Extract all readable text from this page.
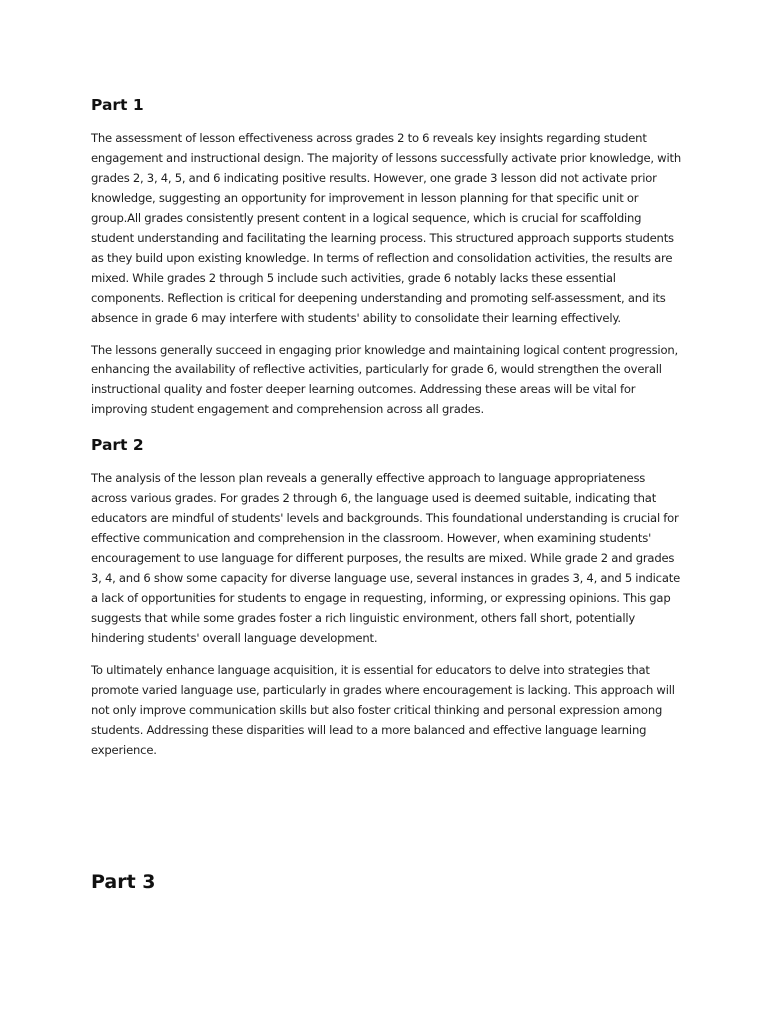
Part 1

The assessment of lesson effectiveness across grades 2 to 6 reveals key insights regarding student engagement and instructional design. The majority of lessons successfully activate prior knowledge, with grades 2, 3, 4, 5, and 6 indicating positive results. However, one grade 3 lesson did not activate prior knowledge, suggesting an opportunity for improvement in lesson planning for that specific unit or group.All grades consistently present content in a logical sequence, which is crucial for scaffolding student understanding and facilitating the learning process. This structured approach supports students as they build upon existing knowledge. In terms of reflection and consolidation activities, the results are mixed. While grades 2 through 5 include such activities, grade 6 notably lacks these essential components. Reflection is critical for deepening understanding and promoting self-assessment, and its absence in grade 6 may interfere with students' ability to consolidate their learning effectively.

The lessons generally succeed in engaging prior knowledge and maintaining logical content progression, enhancing the availability of reflective activities, particularly for grade 6, would strengthen the overall instructional quality and foster deeper learning outcomes. Addressing these areas will be vital for improving student engagement and comprehension across all grades.

Part 2

The analysis of the lesson plan reveals a generally effective approach to language appropriateness across various grades. For grades 2 through 6, the language used is deemed suitable, indicating that educators are mindful of students' levels and backgrounds. This foundational understanding is crucial for effective communication and comprehension in the classroom. However, when examining students' encouragement to use language for different purposes, the results are mixed. While grade 2 and grades 3, 4, and 6 show some capacity for diverse language use, several instances in grades 3, 4, and 5 indicate a lack of opportunities for students to engage in requesting, informing, or expressing opinions. This gap suggests that while some grades foster a rich linguistic environment, others fall short, potentially hindering students' overall language development.

To ultimately enhance language acquisition, it is essential for educators to delve into strategies that promote varied language use, particularly in grades where encouragement is lacking. This approach will not only improve communication skills but also foster critical thinking and personal expression among students. Addressing these disparities will lead to a more balanced and effective language learning experience.

Part 3
